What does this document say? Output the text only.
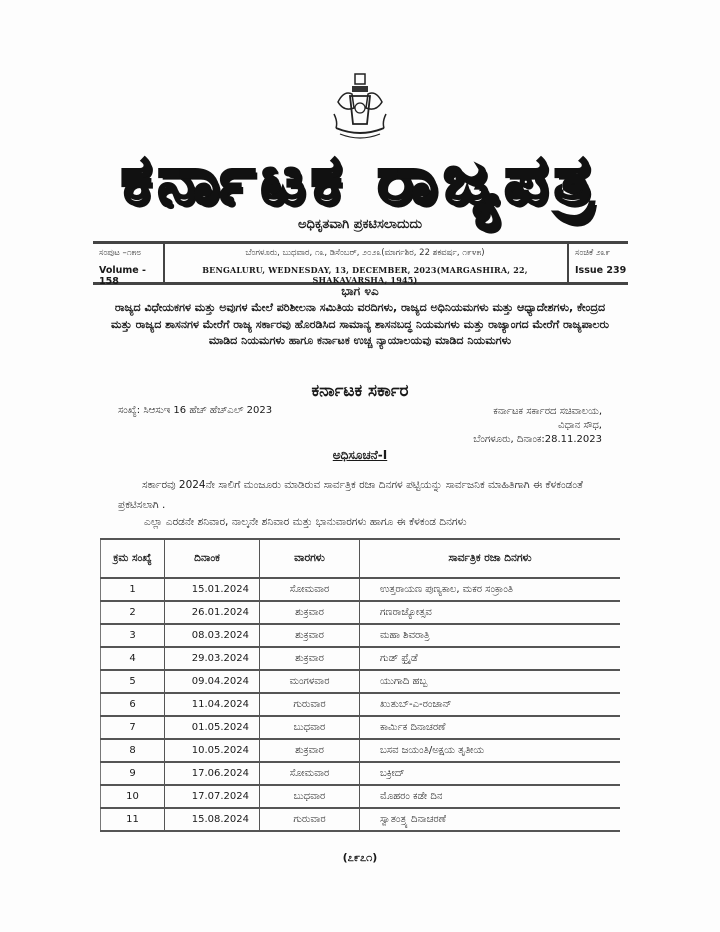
ಕರ್ನಾಟಕ ರಾಜ್ಯಪತ್ರ
ಅಧಿಕೃತವಾಗಿ ಪ್ರಕಟಿಸಲಾದುದು
ಸಂಪುಟ –೧೫೮
Volume - 158
ಬೆಂಗಳೂರು, ಬುಧವಾರ, ೧೩, ಡಿಸೆಂಬರ್, ೨೦೨೩(ಮಾರ್ಗಶಿರ, 22 ಶಕವರ್ಷ, ೧೯೪೫)
BENGALURU, WEDNESDAY, 13, DECEMBER, 2023(MARGASHIRA, 22, SHAKAVARSHA, 1945)
ಸಂಚಿಕೆ ೨೩೯
Issue 239
ಭಾಗ ೪ಎ
ರಾಜ್ಯದ ವಿಧೇಯಕಗಳ ಮತ್ತು ಅವುಗಳ ಮೇಲೆ ಪರಿಶೀಲನಾ ಸಮಿತಿಯ ವರದಿಗಳು, ರಾಜ್ಯದ ಅಧಿನಿಯಮಗಳು ಮತ್ತು ಆಧ್ಯಾದೇಶಗಳು, ಕೇಂದ್ರದ ಮತ್ತು ರಾಜ್ಯದ ಶಾಸನಗಳ ಮೇರೆಗೆ ರಾಜ್ಯ ಸರ್ಕಾರವು ಹೊರಡಿಸಿದ ಸಾಮಾನ್ಯ ಶಾಸನಬದ್ಧ ನಿಯಮಗಳು ಮತ್ತು ರಾಜ್ಯಾಂಗದ ಮೇರೆಗೆ ರಾಜ್ಯಪಾಲರು ಮಾಡಿದ ನಿಯಮಗಳು ಹಾಗೂ ಕರ್ನಾಟಕ ಉಚ್ಚ ನ್ಯಾಯಾಲಯವು ಮಾಡಿದ ನಿಯಮಗಳು
ಕರ್ನಾಟಕ ಸರ್ಕಾರ
ಸಂಖ್ಯೆ: ಸಿಆಸುಇ 16 ಹೆಚ್ ಹೆಚ್ಎಲ್ 2023	ಕರ್ನಾಟಕ ಸರ್ಕಾರದ ಸಚಿವಾಲಯ,
ವಿಧಾನ ಸೌಧ,
ಬೆಂಗಳೂರು, ದಿನಾಂಕ:28.11.2023
ಅಧಿಸೂಚನೆ-I
ಸರ್ಕಾರವು 2024ನೇ ಸಾಲಿಗೆ ಮಂಜೂರು ಮಾಡಿರುವ ಸಾರ್ವತ್ರಿಕ ರಜಾ ದಿನಗಳ ಪಟ್ಟಿಯನ್ನು ಸಾರ್ವಜನಿಕ ಮಾಹಿತಿಗಾಗಿ ಈ ಕೆಳಕಂಡಂತೆ ಪ್ರಕಟಿಸಲಾಗಿ .
ಎಲ್ಲಾ ಎರಡನೇ ಶನಿವಾರ, ನಾಲ್ಕನೇ ಶನಿವಾರ ಮತ್ತು ಭಾನುವಾರಗಳು ಹಾಗೂ ಈ ಕೆಳಕಂಡ ದಿನಗಳು
ಕ್ರಮ ಸಂಖ್ಯೆ	ದಿನಾಂಕ	ವಾರಗಳು	ಸಾರ್ವತ್ರಿಕ ರಜಾ ದಿನಗಳು
1	15.01.2024	ಸೋಮವಾರ	ಉತ್ತರಾಯಣ ಪುಣ್ಯಕಾಲ, ಮಕರ ಸಂಕ್ರಾಂತಿ
2	26.01.2024	ಶುಕ್ರವಾರ	ಗಣರಾಜ್ಯೋತ್ಸವ
3	08.03.2024	ಶುಕ್ರವಾರ	ಮಹಾ ಶಿವರಾತ್ರಿ
4	29.03.2024	ಶುಕ್ರವಾರ	ಗುಡ್ ಫ್ರೈಡೆ
5	09.04.2024	ಮಂಗಳವಾರ	ಯುಗಾದಿ ಹಬ್ಬ
6	11.04.2024	ಗುರುವಾರ	ಖುತುಬ್-ಎ-ರಂಜಾನ್
7	01.05.2024	ಬುಧವಾರ	ಕಾರ್ಮಿಕ ದಿನಾಚರಣೆ
8	10.05.2024	ಶುಕ್ರವಾರ	ಬಸವ ಜಯಂತಿ/ಅಕ್ಷಯ ತೃತೀಯ
9	17.06.2024	ಸೋಮವಾರ	ಬಕ್ರೀದ್
10	17.07.2024	ಬುಧವಾರ	ಮೊಹರಂ ಕಡೇ ದಿನ
11	15.08.2024	ಗುರುವಾರ	ಸ್ವಾತಂತ್ರ್ಯ ದಿನಾಚರಣೆ
(೭೯೭೧)
